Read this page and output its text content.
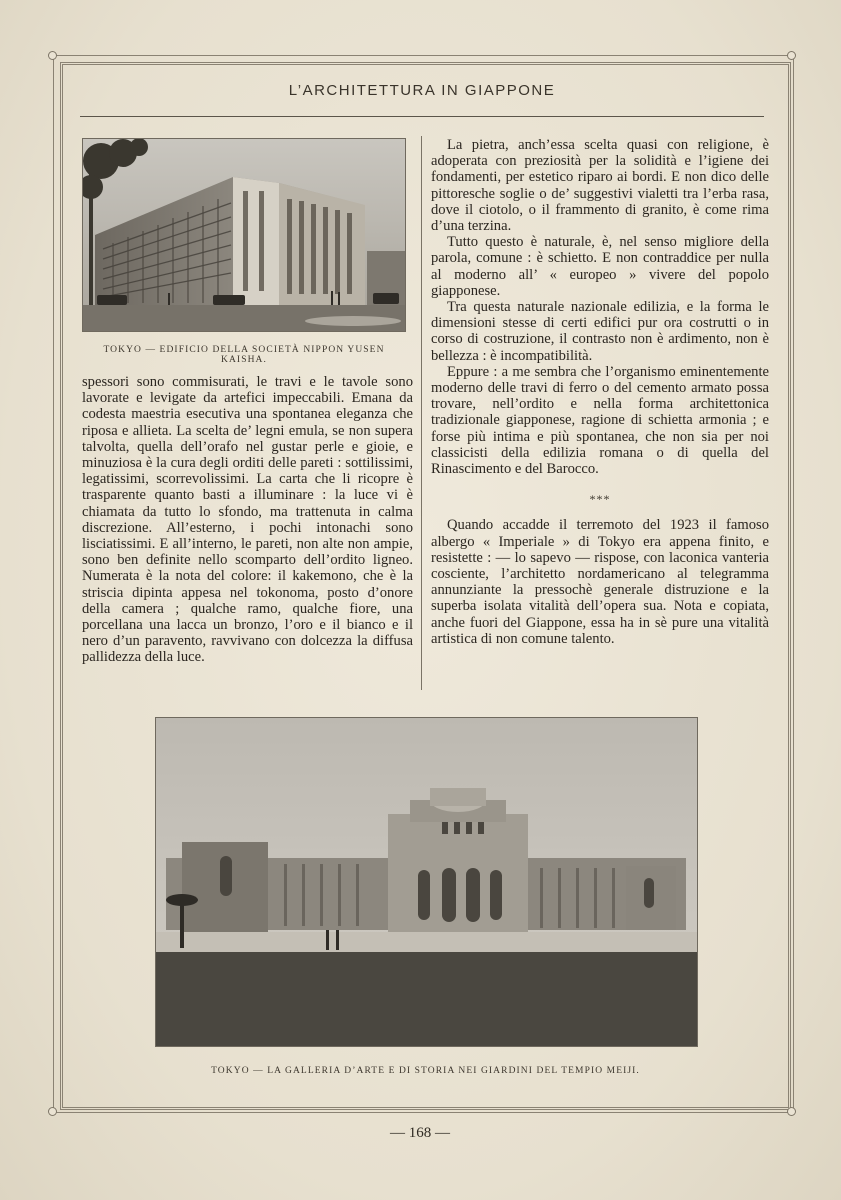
L’ARCHITETTURA IN GIAPPONE
TOKYO — EDIFICIO DELLA SOCIETÀ NIPPON YUSEN KAISHA.

spessori sono commisurati, le travi e le tavole sono lavorate e levigate da artefici impeccabili. Emana da codesta maestria esecutiva una spontanea eleganza che riposa e allieta. La scelta de’ legni emula, se non supera talvolta, quella dell’orafo nel gustar perle e gioie, e minuziosa è la cura degli orditi delle pareti : sottilissimi, legatissimi, scorrevolissimi. La carta che li ricopre è trasparente quanto basti a illuminare : la luce vi è chiamata da tutto lo sfondo, ma trattenuta in calma discrezione. All’esterno, i pochi intonachi sono lisciatissimi. E all’interno, le pareti, non alte non ampie, sono ben definite nello scomparto dell’ordito ligneo. Numerata è la nota del colore: il kakemono, che è la striscia dipinta appesa nel tokonoma, posto d’onore della camera ; qualche ramo, qualche fiore, una porcellana una lacca un bronzo, l’oro e il bianco e il nero d’un paravento, ravvivano con dolcezza la diffusa pallidezza della luce.

La pietra, anch’essa scelta quasi con religione, è adoperata con preziosità per la solidità e l’igiene dei fondamenti, per estetico riparo ai bordi. E non dico delle pittoresche soglie o de’ suggestivi vialetti tra l’erba rasa, dove il ciotolo, o il frammento di granito, è come rima d’una terzina.

Tutto questo è naturale, è, nel senso migliore della parola, comune : è schietto. E non contraddice per nulla al moderno all’ « europeo » vivere del popolo giapponese.

Tra questa naturale nazionale edilizia, e la forma le dimensioni stesse di certi edifici pur ora costrutti o in corso di costruzione, il contrasto non è ardimento, non è bellezza : è incompatibilità.

Eppure : a me sembra che l’organismo eminentemente moderno delle travi di ferro o del cemento armato possa trovare, nell’ordito e nella forma architettonica tradizionale giapponese, ragione di schietta armonia ; e forse più intima e più spontanea, che non sia per noi classicisti della edilizia romana o di quella del Rinascimento e del Barocco.

***

Quando accadde il terremoto del 1923 il famoso albergo « Imperiale » di Tokyo era appena finito, e resistette : — lo sapevo — rispose, con laconica vanteria cosciente, l’architetto nordamericano al telegramma annunziante la pressochè generale distruzione e la superba isolata vitalità dell’opera sua. Nota e copiata, anche fuori del Giappone, essa ha in sè pure una vitalità artistica di non comune talento.

TOKYO — LA GALLERIA D’ARTE E DI STORIA NEI GIARDINI DEL TEMPIO MEIJI.
— 168 —
